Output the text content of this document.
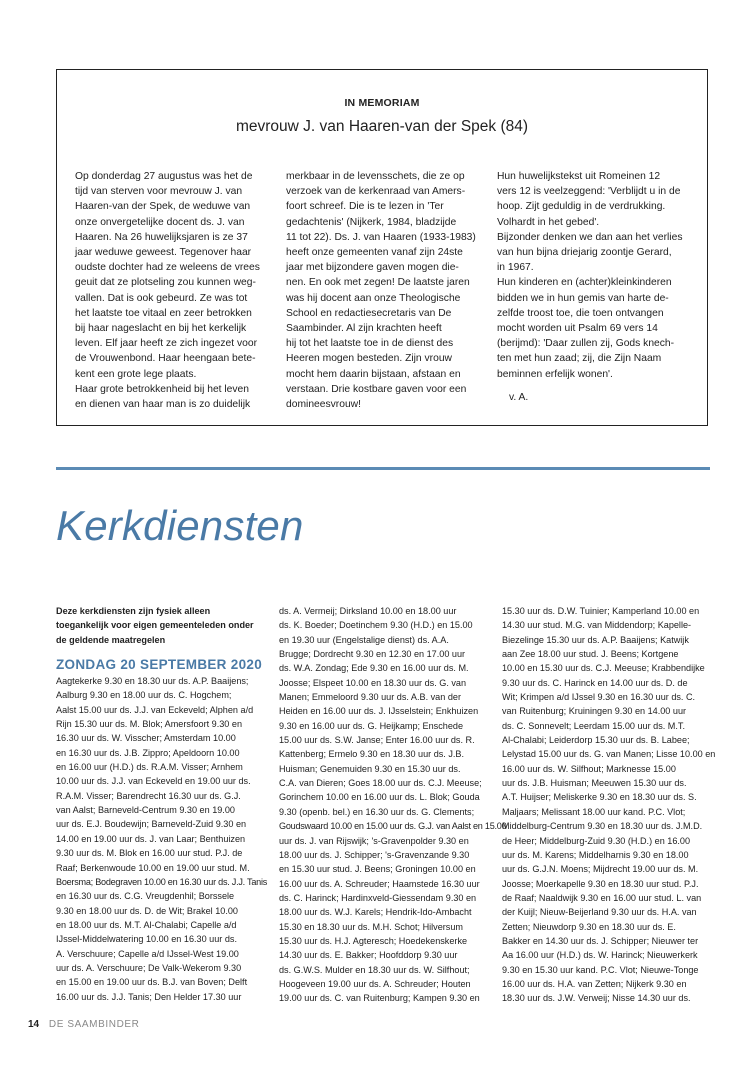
IN MEMORIAM
mevrouw J. van Haaren-van der Spek (84)

Op donderdag 27 augustus was het de

tijd van sterven voor mevrouw J. van

Haaren-van der Spek, de weduwe van

onze onvergetelijke docent ds. J. van

Haaren. Na 26 huwelijksjaren is ze 37

jaar weduwe geweest. Tegenover haar

oudste dochter had ze weleens de vrees

geuit dat ze plotseling zou kunnen weg-

vallen. Dat is ook gebeurd. Ze was tot

het laatste toe vitaal en zeer betrokken

bij haar nageslacht en bij het kerkelijk

leven. Elf jaar heeft ze zich ingezet voor

de Vrouwenbond. Haar heengaan bete-

kent een grote lege plaats.

Haar grote betrokkenheid bij het leven

en dienen van haar man is zo duidelijk

merkbaar in de levensschets, die ze op

verzoek van de kerkenraad van Amers-

foort schreef. Die is te lezen in 'Ter

gedachtenis' (Nijkerk, 1984, bladzijde

11 tot 22). Ds. J. van Haaren (1933-1983)

heeft onze gemeenten vanaf zijn 24ste

jaar met bijzondere gaven mogen die-

nen. En ook met zegen! De laatste jaren

was hij docent aan onze Theologische

School en redactiesecretaris van De

Saambinder. Al zijn krachten heeft

hij tot het laatste toe in de dienst des

Heeren mogen besteden. Zijn vrouw

mocht hem daarin bijstaan, afstaan en

verstaan. Drie kostbare gaven voor een

domineesvrouw!

Hun huwelijkstekst uit Romeinen 12

vers 12 is veelzeggend: 'Verblijdt u in de

hoop. Zijt geduldig in de verdrukking.

Volhardt in het gebed'.

Bijzonder denken we dan aan het verlies

van hun bijna driejarig zoontje Gerard,

in 1967.

Hun kinderen en (achter)kleinkinderen

bidden we in hun gemis van harte de-

zelfde troost toe, die toen ontvangen

mocht worden uit Psalm 69 vers 14

(berijmd): 'Daar zullen zij, Gods knech-

ten met hun zaad; zij, die Zijn Naam

beminnen erfelijk wonen'.

v. A.

Kerkdiensten

Deze kerkdiensten zijn fysiek alleen
toegankelijk voor eigen gemeenteleden onder
de geldende maatregelen

ZONDAG 20 SEPTEMBER 2020

Aagtekerke 9.30 en 18.30 uur ds. A.P. Baaijens;

Aalburg 9.30 en 18.00 uur ds. C. Hogchem;

Aalst 15.00 uur ds. J.J. van Eckeveld; Alphen a/d

Rijn 15.30 uur ds. M. Blok; Amersfoort 9.30 en

16.30 uur ds. W. Visscher; Amsterdam 10.00

en 16.30 uur ds. J.B. Zippro; Apeldoorn 10.00

en 16.00 uur (H.D.) ds. R.A.M. Visser; Arnhem

10.00 uur ds. J.J. van Eckeveld en 19.00 uur ds.

R.A.M. Visser; Barendrecht 16.30 uur ds. G.J.

van Aalst; Barneveld-Centrum 9.30 en 19.00

uur ds. E.J. Boudewijn; Barneveld-Zuid 9.30 en

14.00 en 19.00 uur ds. J. van Laar; Benthuizen

9.30 uur ds. M. Blok en 16.00 uur stud. P.J. de

Raaf; Berkenwoude 10.00 en 19.00 uur stud. M.

Boersma; Bodegraven 10.00 en 16.30 uur ds. J.J. Tanis

en 16.30 uur ds. C.G. Vreugdenhil; Borssele

9.30 en 18.00 uur ds. D. de Wit; Brakel 10.00

en 18.00 uur ds. M.T. Al-Chalabi; Capelle a/d

IJssel-Middelwatering 10.00 en 16.30 uur ds.

A. Verschuure; Capelle a/d IJssel-West 19.00

uur ds. A. Verschuure; De Valk-Wekerom 9.30

en 15.00 en 19.00 uur ds. B.J. van Boven; Delft

16.00 uur ds. J.J. Tanis; Den Helder 17.30 uur

ds. A. Vermeij; Dirksland 10.00 en 18.00 uur

ds. K. Boeder; Doetinchem 9.30 (H.D.) en 15.00

en 19.30 uur (Engelstalige dienst) ds. A.A.

Brugge; Dordrecht 9.30 en 12.30 en 17.00 uur

ds. W.A. Zondag; Ede 9.30 en 16.00 uur ds. M.

Joosse; Elspeet 10.00 en 18.30 uur ds. G. van

Manen; Emmeloord 9.30 uur ds. A.B. van der

Heiden en 16.00 uur ds. J. IJsselstein; Enkhuizen

9.30 en 16.00 uur ds. G. Heijkamp; Enschede

15.00 uur ds. S.W. Janse; Enter 16.00 uur ds. R.

Kattenberg; Ermelo 9.30 en 18.30 uur ds. J.B.

Huisman; Genemuiden 9.30 en 15.30 uur ds.

C.A. van Dieren; Goes 18.00 uur ds. C.J. Meeuse;

Gorinchem 10.00 en 16.00 uur ds. L. Blok; Gouda

9.30 (openb. bel.) en 16.30 uur ds. G. Clements;

Goudswaard 10.00 en 15.00 uur ds. G.J. van Aalst en 15.00

uur ds. J. van Rijswijk; 's-Gravenpolder 9.30 en

18.00 uur ds. J. Schipper; 's-Gravenzande 9.30

en 15.30 uur stud. J. Beens; Groningen 10.00 en

16.00 uur ds. A. Schreuder; Haamstede 16.30 uur

ds. C. Harinck; Hardinxveld-Giessendam 9.30 en

18.00 uur ds. W.J. Karels; Hendrik-Ido-Ambacht

15.30 en 18.30 uur ds. M.H. Schot; Hilversum

15.30 uur ds. H.J. Agteresch; Hoedekenskerke

14.30 uur ds. E. Bakker; Hoofddorp 9.30 uur

ds. G.W.S. Mulder en 18.30 uur ds. W. Silfhout;

Hoogeveen 19.00 uur ds. A. Schreuder; Houten

19.00 uur ds. C. van Ruitenburg; Kampen 9.30 en

15.30 uur ds. D.W. Tuinier; Kamperland 10.00 en

14.30 uur stud. M.G. van Middendorp; Kapelle-

Biezelinge 15.30 uur ds. A.P. Baaijens; Katwijk

aan Zee 18.00 uur stud. J. Beens; Kortgene

10.00 en 15.30 uur ds. C.J. Meeuse; Krabbendijke

9.30 uur ds. C. Harinck en 14.00 uur ds. D. de

Wit; Krimpen a/d IJssel 9.30 en 16.30 uur ds. C.

van Ruitenburg; Kruiningen 9.30 en 14.00 uur

ds. C. Sonnevelt; Leerdam 15.00 uur ds. M.T.

Al-Chalabi; Leiderdorp 15.30 uur ds. B. Labee;

Lelystad 15.00 uur ds. G. van Manen; Lisse 10.00 en

16.00 uur ds. W. Silfhout; Marknesse 15.00

uur ds. J.B. Huisman; Meeuwen 15.30 uur ds.

A.T. Huijser; Meliskerke 9.30 en 18.30 uur ds. S.

Maljaars; Melissant 18.00 uur kand. P.C. Vlot;

Middelburg-Centrum 9.30 en 18.30 uur ds. J.M.D.

de Heer; Middelburg-Zuid 9.30 (H.D.) en 16.00

uur ds. M. Karens; Middelharnis 9.30 en 18.00

uur ds. G.J.N. Moens; Mijdrecht 19.00 uur ds. M.

Joosse; Moerkapelle 9.30 en 18.30 uur stud. P.J.

de Raaf; Naaldwijk 9.30 en 16.00 uur stud. L. van

der Kuijl; Nieuw-Beijerland 9.30 uur ds. H.A. van

Zetten; Nieuwdorp 9.30 en 18.30 uur ds. E.

Bakker en 14.30 uur ds. J. Schipper; Nieuwer ter

Aa 16.00 uur (H.D.) ds. W. Harinck; Nieuwerkerk

9.30 en 15.30 uur kand. P.C. Vlot; Nieuwe-Tonge

16.00 uur ds. H.A. van Zetten; Nijkerk 9.30 en

18.30 uur ds. J.W. Verweij; Nisse 14.30 uur ds.

14 DE SAAMBINDER
